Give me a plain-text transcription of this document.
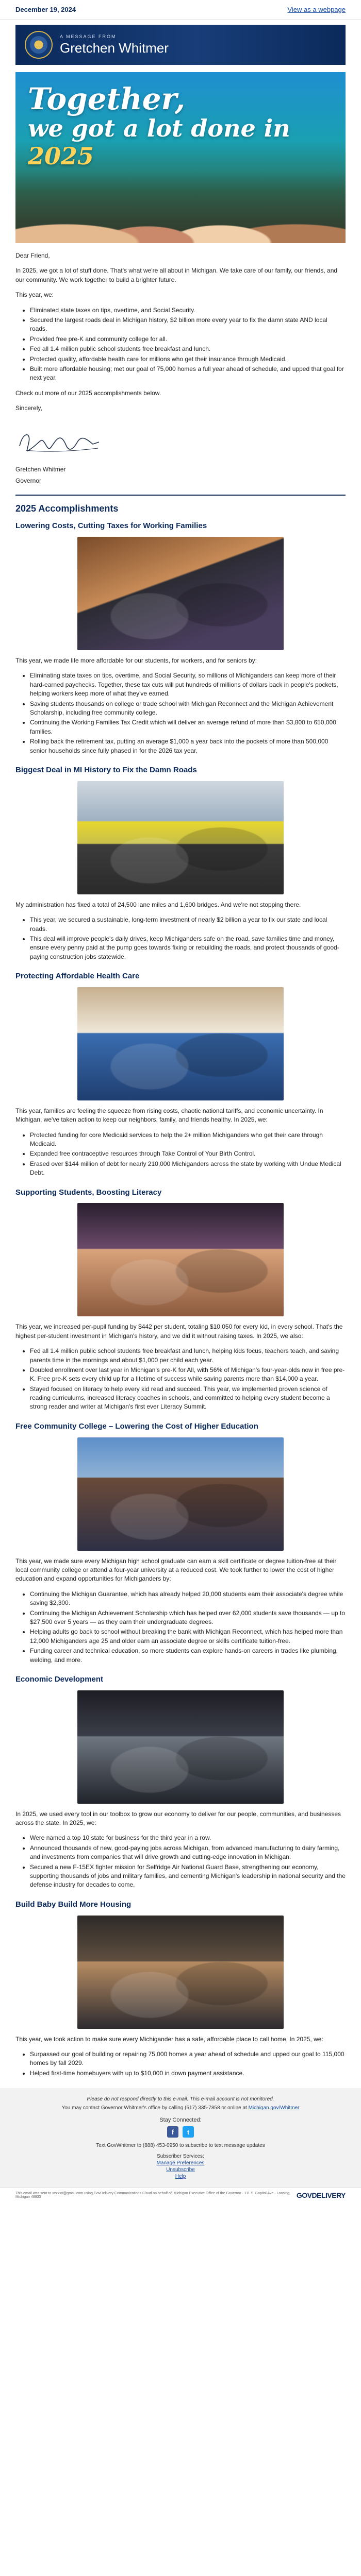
December 19, 2024	View as a webpage
A MESSAGE FROM
Gretchen Whitmer
Together,
we got a lot done in 2025

Dear Friend,

In 2025, we got a lot of stuff done. That's what we're all about in Michigan. We take care of our family, our friends, and our community. We work together to build a brighter future.

This year, we:

• Eliminated state taxes on tips, overtime, and Social Security.
• Secured the largest roads deal in Michigan history, $2 billion more every year to fix the damn state AND local roads.
• Provided free pre-K and community college for all.
• Fed all 1.4 million public school students free breakfast and lunch.
• Protected quality, affordable health care for millions who get their insurance through Medicaid.
• Built more affordable housing; met our goal of 75,000 homes a full year ahead of schedule, and upped that goal for next year.

Check out more of our 2025 accomplishments below.

Sincerely,

Gretchen Whitmer

Governor

2025 Accomplishments
Lowering Costs, Cutting Taxes for Working Families

This year, we made life more affordable for our students, for workers, and for seniors by:

• Eliminating state taxes on tips, overtime, and Social Security, so millions of Michiganders can keep more of their hard-earned paychecks. Together, these tax cuts will put hundreds of millions of dollars back in people's pockets, helping workers keep more of what they've earned.
• Saving students thousands on college or trade school with Michigan Reconnect and the Michigan Achievement Scholarship, including free community college.
• Continuing the Working Families Tax Credit which will deliver an average refund of more than $3,800 to 650,000 families.
• Rolling back the retirement tax, putting an average $1,000 a year back into the pockets of more than 500,000 senior households since fully phased in for the 2026 tax year.
Biggest Deal in MI History to Fix the Damn Roads

My administration has fixed a total of 24,500 lane miles and 1,600 bridges. And we're not stopping there.

• This year, we secured a sustainable, long-term investment of nearly $2 billion a year to fix our state and local roads.
• This deal will improve people's daily drives, keep Michiganders safe on the road, save families time and money, ensure every penny paid at the pump goes towards fixing or rebuilding the roads, and protect thousands of good-paying construction jobs statewide.
Protecting Affordable Health Care

This year, families are feeling the squeeze from rising costs, chaotic national tariffs, and economic uncertainty. In Michigan, we've taken action to keep our neighbors, family, and friends healthy. In 2025, we:

• Protected funding for core Medicaid services to help the 2+ million Michiganders who get their care through Medicaid.
• Expanded free contraceptive resources through Take Control of Your Birth Control.
• Erased over $144 million of debt for nearly 210,000 Michiganders across the state by working with Undue Medical Debt.
Supporting Students, Boosting Literacy

This year, we increased per-pupil funding by $442 per student, totaling $10,050 for every kid, in every school. That's the highest per-student investment in Michigan's history, and we did it without raising taxes. In 2025, we also:

• Fed all 1.4 million public school students free breakfast and lunch, helping kids focus, teachers teach, and saving parents time in the mornings and about $1,000 per child each year.
• Doubled enrollment over last year in Michigan's pre-K for All, with 56% of Michigan's four-year-olds now in free pre-K. Free pre-K sets every child up for a lifetime of success while saving parents more than $14,000 a year.
• Stayed focused on literacy to help every kid read and succeed. This year, we implemented proven science of reading curriculums, increased literacy coaches in schools, and committed to helping every student become a strong reader and writer at Michigan's first ever Literacy Summit.
Free Community College – Lowering the Cost of Higher Education

This year, we made sure every Michigan high school graduate can earn a skill certificate or degree tuition-free at their local community college or attend a four-year university at a reduced cost. We took further to lower the cost of higher education and expand opportunities for Michiganders by:

• Continuing the Michigan Guarantee, which has already helped 20,000 students earn their associate's degree while saving $2,300.
• Continuing the Michigan Achievement Scholarship which has helped over 62,000 students save thousands — up to $27,500 over 5 years — as they earn their undergraduate degrees.
• Helping adults go back to school without breaking the bank with Michigan Reconnect, which has helped more than 12,000 Michiganders age 25 and older earn an associate degree or skills certificate tuition-free.
• Funding career and technical education, so more students can explore hands-on careers in trades like plumbing, welding, and more.
Economic Development

In 2025, we used every tool in our toolbox to grow our economy to deliver for our people, communities, and businesses across the state. In 2025, we:

• Were named a top 10 state for business for the third year in a row.
• Announced thousands of new, good-paying jobs across Michigan, from advanced manufacturing to dairy farming, and investments from companies that will drive growth and cutting-edge innovation in Michigan.
• Secured a new F-15EX fighter mission for Selfridge Air National Guard Base, strengthening our economy, supporting thousands of jobs and military families, and cementing Michigan's leadership in national security and the defense industry for decades to come.
Build Baby Build More Housing

This year, we took action to make sure every Michigander has a safe, affordable place to call home. In 2025, we:

• Surpassed our goal of building or repairing 75,000 homes a year ahead of schedule and upped our goal to 115,000 homes by fall 2029.
• Helped first-time homebuyers with up to $10,000 in down payment assistance.
Please do not respond directly to this e-mail. This e-mail account is not monitored.
You may contact Governor Whitmer's office by calling (517) 335-7858 or online at Michigan.gov/Whitmer
Stay Connected:
f	t
Text GovWhitmer to (888) 453-0950 to subscribe to text message updates
Subscriber Services:
Manage Preferences
Unsubscribe
Help
This email was sent to xxxxxx@gmail.com using GovDelivery Communications Cloud on behalf of: Michigan Executive Office of the Governor · 111 S. Capitol Ave · Lansing, Michigan 48933	GOVDELIVERY
